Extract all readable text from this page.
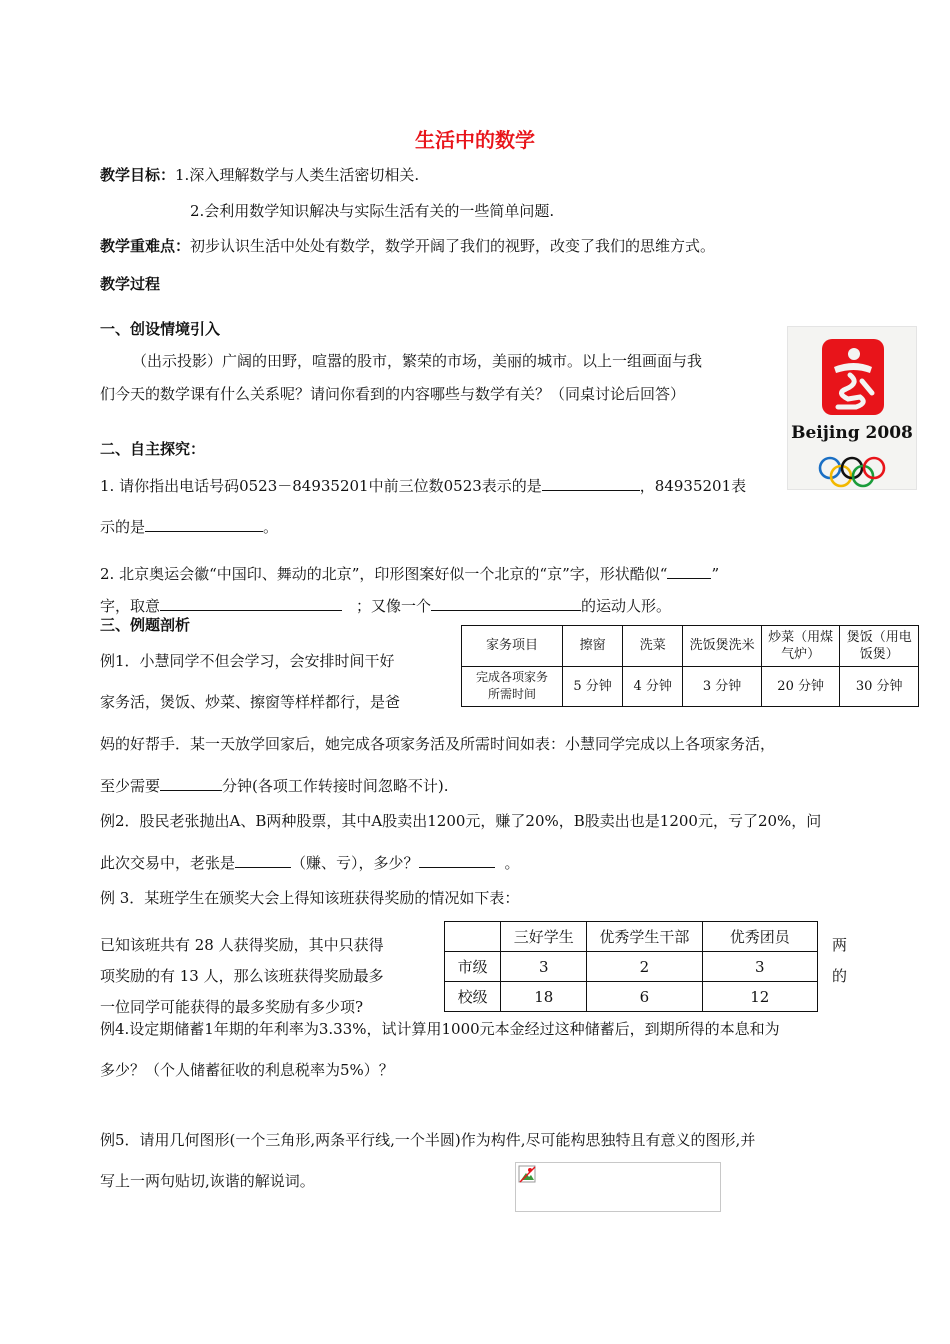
生活中的数学
教学目标：1.深入理解数学与人类生活密切相关.
2.会利用数学知识解决与实际生活有关的一些简单问题.
教学重难点：初步认识生活中处处有数学，数学开阔了我们的视野，改变了我们的思维方式。
教学过程
一、创设情境引入
（出示投影）广阔的田野，喧嚣的股市，繁荣的市场，美丽的城市。以上一组画面与我
们今天的数学课有什么关系呢？请问你看到的内容哪些与数学有关？（同桌讨论后回答）
Beijing 2008
二、自主探究：
1. 请你指出电话号码0523－84935201中前三位数0523表示的是	，84935201表
示的是	。
2. 北京奥运会徽“中国印、舞动的北京”，印形图案好似一个北京的“京”字，形状酷似“	”
字，取意	；又像一个	的运动人形。
三、例题剖析
例1．小慧同学不但会学习，会安排时间干好
家务活，煲饭、炒菜、擦窗等样样都行，是爸
家务项目	擦窗	洗菜	洗饭煲洗米	炒菜（用煤气炉）	煲饭（用电饭煲）
完成各项家务所需时间	5 分钟	4 分钟	3 分钟	20 分钟	30 分钟
妈的好帮手．某一天放学回家后，她完成各项家务活及所需时间如表：小慧同学完成以上各项家务活，
至少需要	分钟(各项工作转接时间忽略不计).
例2．股民老张抛出A、B两种股票，其中A股卖出1200元，赚了20%，B股卖出也是1200元，亏了20%，问
此次交易中，老张是	（赚、亏），多少？	。
例 3．某班学生在颁奖大会上得知该班获得奖励的情况如下表：
已知该班共有 28 人获得奖励，其中只获得
项奖励的有 13 人，那么该班获得奖励最多
一位同学可能获得的最多奖励有多少项?
两
的
	三好学生	优秀学生干部	优秀团员
市级	3	2	3
校级	18	6	12
例4.设定期储蓄1年期的年利率为3.33%，试计算用1000元本金经过这种储蓄后，到期所得的本息和为
多少？（个人储蓄征收的利息税率为5%）？
例5．请用几何图形(一个三角形,两条平行线,一个半圆)作为构件,尽可能构思独特且有意义的图形,并
写上一两句贴切,诙谐的解说词。
